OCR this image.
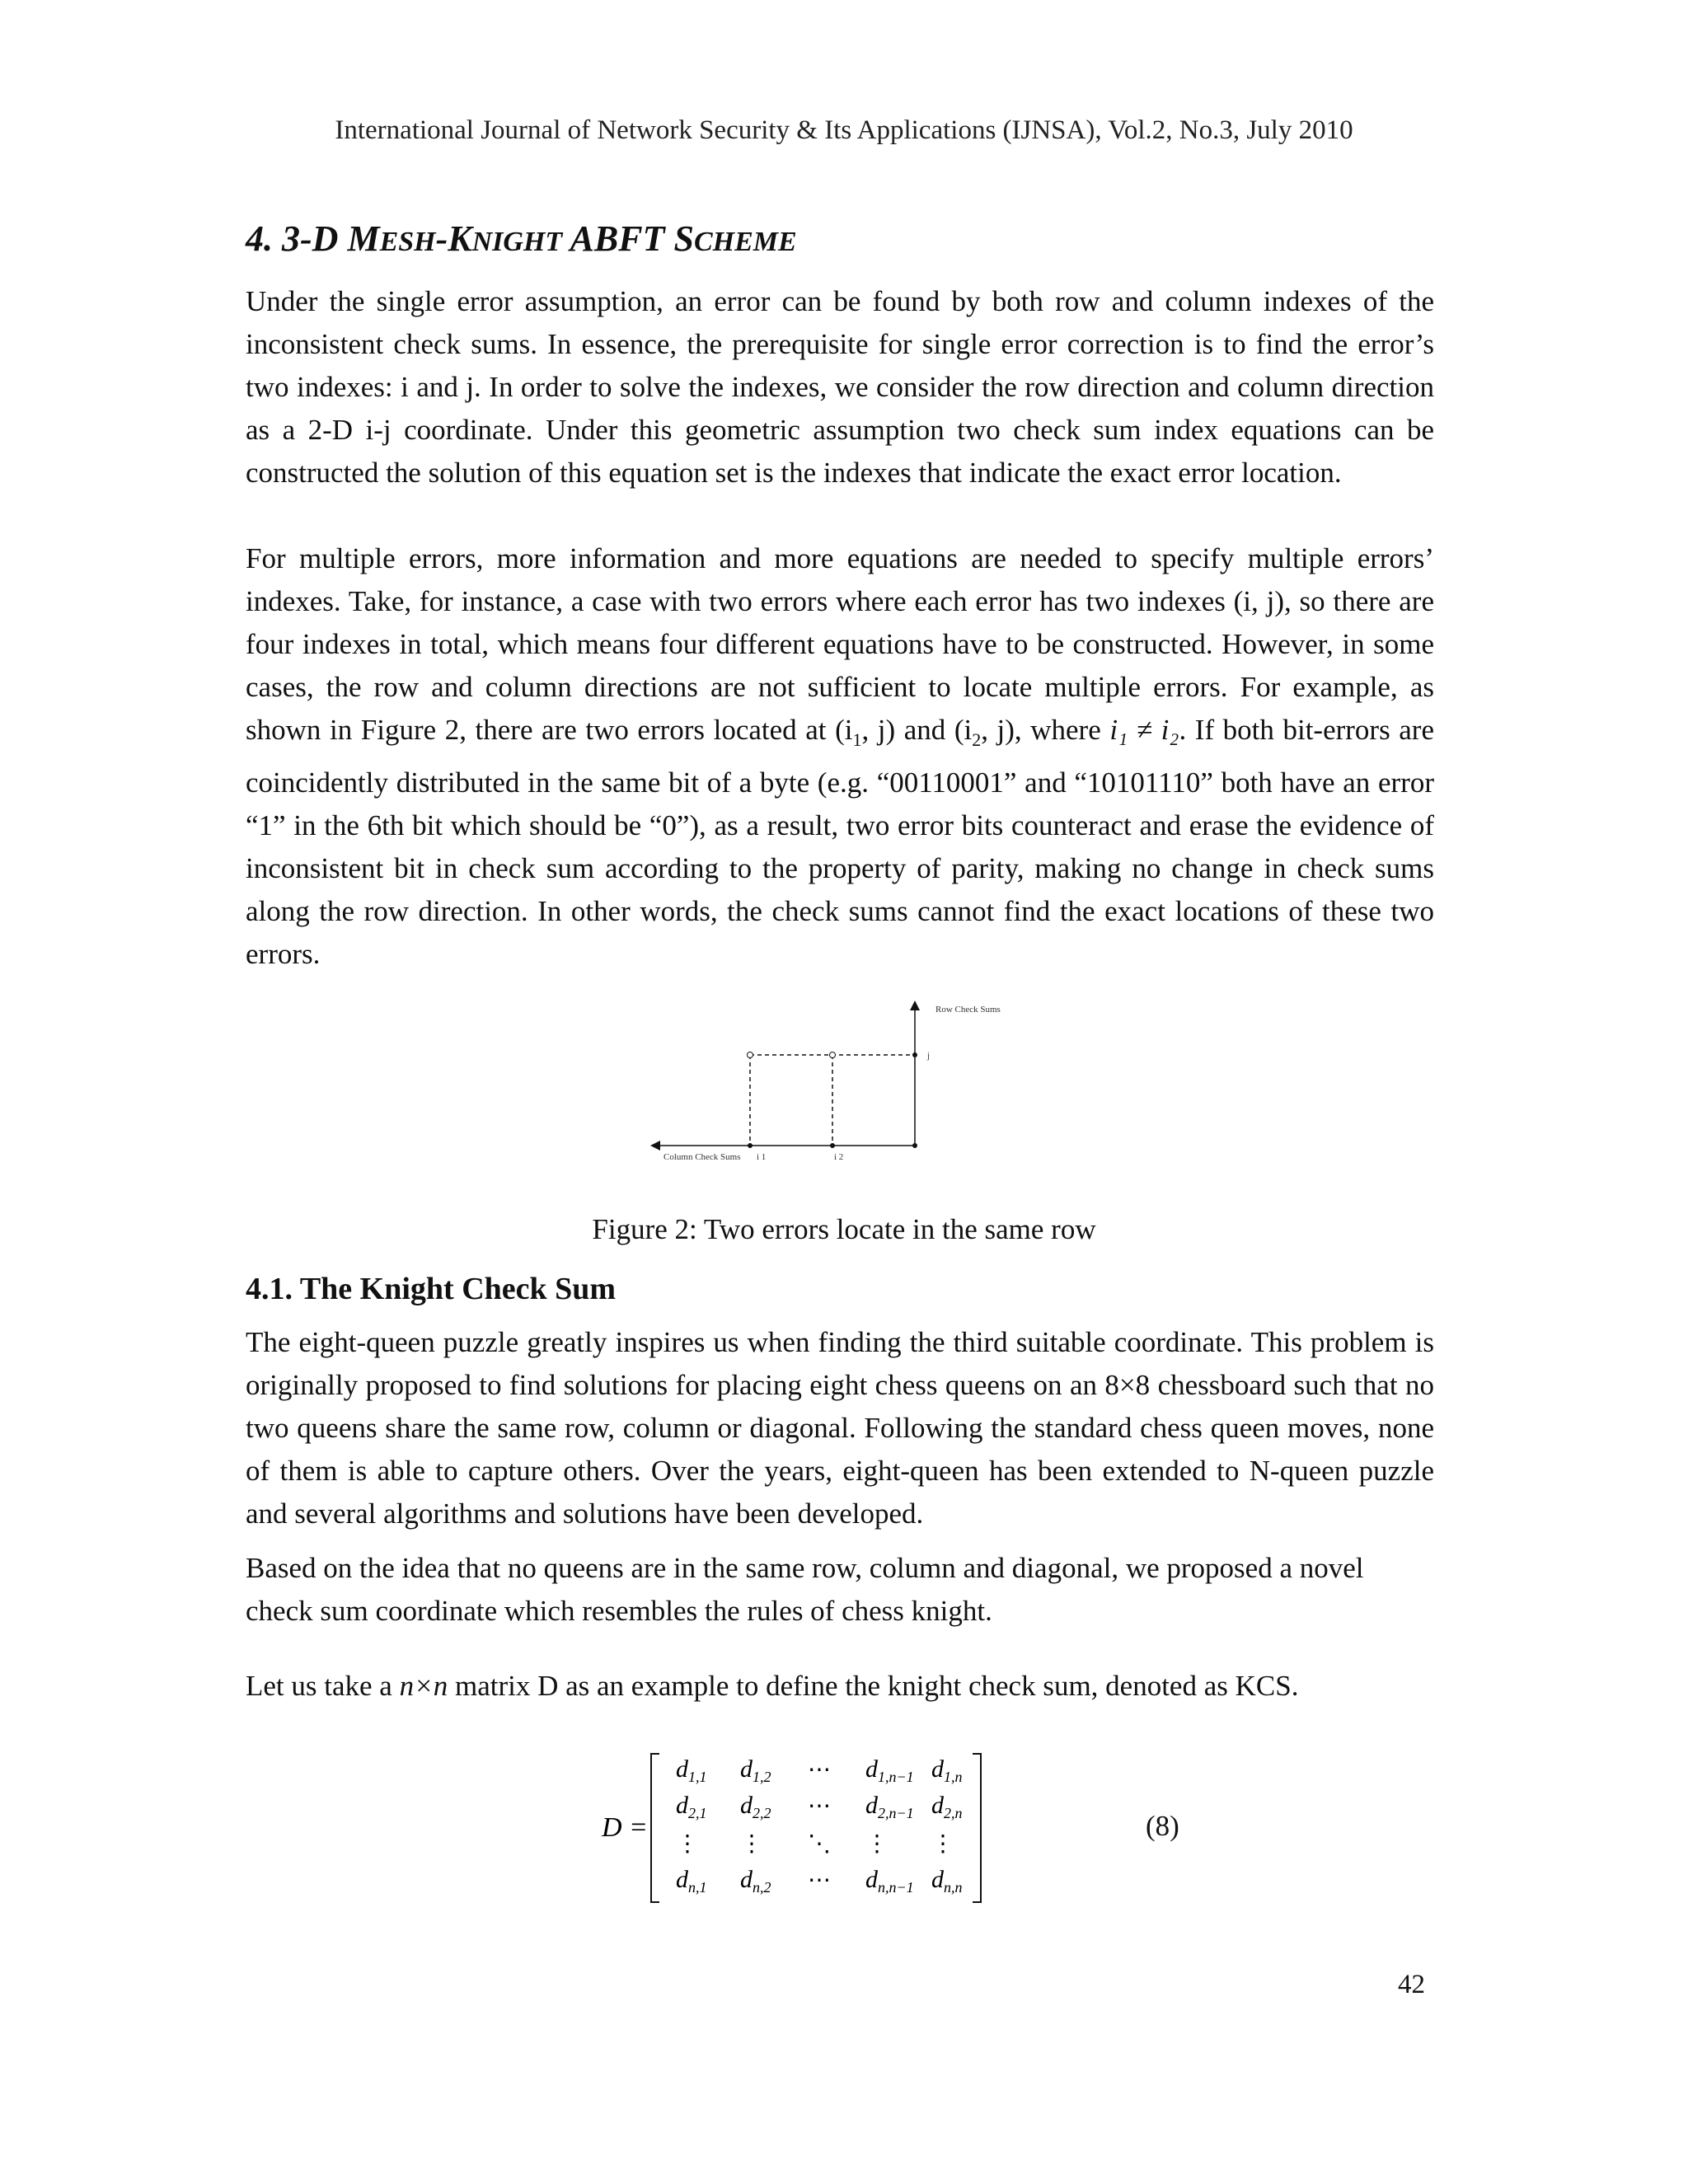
International Journal of Network Security & Its Applications (IJNSA), Vol.2, No.3, July 2010
4. 3-D MESH-KNIGHT ABFT SCHEME
Under the single error assumption, an error can be found by both row and column indexes of the inconsistent check sums. In essence, the prerequisite for single error correction is to find the error’s two indexes: i and j. In order to solve the indexes, we consider the row direction and column direction as a 2-D i-j coordinate. Under this geometric assumption two check sum index equations can be constructed the solution of this equation set is the indexes that indicate the exact error location.
For multiple errors, more information and more equations are needed to specify multiple errors’ indexes. Take, for instance, a case with two errors where each error has two indexes (i, j), so there are four indexes in total, which means four different equations have to be constructed. However, in some cases, the row and column directions are not sufficient to locate multiple errors. For example, as shown in Figure 2, there are two errors located at ($i_1$, j) and ($i_2$, j), where i₁ ≠ i₂. If both bit-errors are coincidently distributed in the same bit of a byte (e.g. “00110001” and “10101110” both have an error “1” in the 6th bit which should be “0”), as a result, two error bits counteract and erase the evidence of inconsistent bit in check sum according to the property of parity, making no change in check sums along the row direction. In other words, the check sums cannot find the exact locations of these two errors.
Row Check Sums
j
Column Check Sums i 1	i 2
Figure 2: Two errors locate in the same row
4.1. The Knight Check Sum
The eight-queen puzzle greatly inspires us when finding the third suitable coordinate. This problem is originally proposed to find solutions for placing eight chess queens on an 8×8 chessboard such that no two queens share the same row, column or diagonal. Following the standard chess queen moves, none of them is able to capture others. Over the years, eight-queen has been extended to N-queen puzzle and several algorithms and solutions have been developed.
Based on the idea that no queens are in the same row, column and diagonal, we proposed a novel check sum coordinate which resembles the rules of chess knight.
Let us take a n×n matrix D as an example to define the knight check sum, denoted as KCS.
D =
d1,1 d1,2 ⋯ d1,n−1 d1,n
d2,1 d2,2 ⋯ d2,n−1 d2,n
⋮ ⋮ ⋱ ⋮ ⋮
dn,1 dn,2 ⋯ dn,n−1 dn,n
(8)
42
